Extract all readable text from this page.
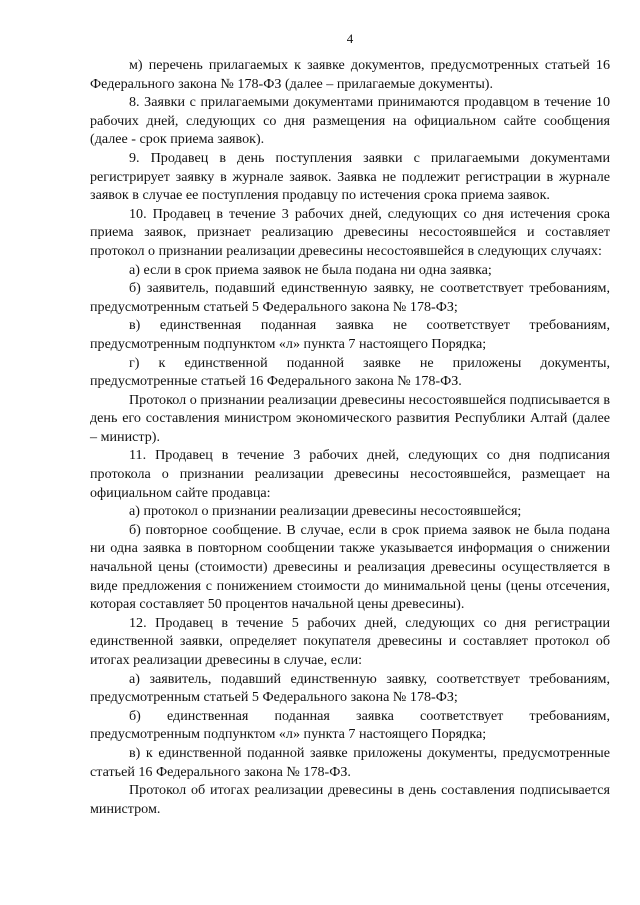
4

м) перечень прилагаемых к заявке документов, предусмотренных статьей 16 Федерального закона № 178-ФЗ (далее – прилагаемые документы).

8. Заявки с прилагаемыми документами принимаются продавцом в течение 10 рабочих дней, следующих со дня размещения на официальном сайте сообщения (далее - срок приема заявок).

9. Продавец в день поступления заявки с прилагаемыми документами регистрирует заявку в журнале заявок. Заявка не подлежит регистрации в журнале заявок в случае ее поступления продавцу по истечения срока приема заявок.

10. Продавец в течение 3 рабочих дней, следующих со дня истечения срока приема заявок, признает реализацию древесины несостоявшейся и составляет протокол о признании реализации древесины несостоявшейся в следующих случаях:

а) если в срок приема заявок не была подана ни одна заявка;

б) заявитель, подавший единственную заявку, не соответствует требованиям, предусмотренным статьей 5 Федерального закона № 178-ФЗ;

в) единственная поданная заявка не соответствует требованиям, предусмотренным подпунктом «л» пункта 7 настоящего Порядка;

г) к единственной поданной заявке не приложены документы, предусмотренные статьей 16 Федерального закона № 178-ФЗ.

Протокол о признании реализации древесины несостоявшейся подписывается в день его составления министром экономического развития Республики Алтай (далее – министр).

11. Продавец в течение 3 рабочих дней, следующих со дня подписания протокола о признании реализации древесины несостоявшейся, размещает на официальном сайте продавца:

а) протокол о признании реализации древесины несостоявшейся;

б) повторное сообщение. В случае, если в срок приема заявок не была подана ни одна заявка в повторном сообщении также указывается информация о снижении начальной цены (стоимости) древесины и реализация древесины осуществляется в виде предложения с понижением стоимости до минимальной цены (цены отсечения, которая составляет 50 процентов начальной цены древесины).

12. Продавец в течение 5 рабочих дней, следующих со дня регистрации единственной заявки, определяет покупателя древесины и составляет протокол об итогах реализации древесины в случае, если:

а) заявитель, подавший единственную заявку, соответствует требованиям, предусмотренным статьей 5 Федерального закона № 178-ФЗ;

б) единственная поданная заявка соответствует требованиям, предусмотренным подпунктом «л» пункта 7 настоящего Порядка;

в) к единственной поданной заявке приложены документы, предусмотренные статьей 16 Федерального закона № 178-ФЗ.

Протокол об итогах реализации древесины в день составления подписывается министром.
